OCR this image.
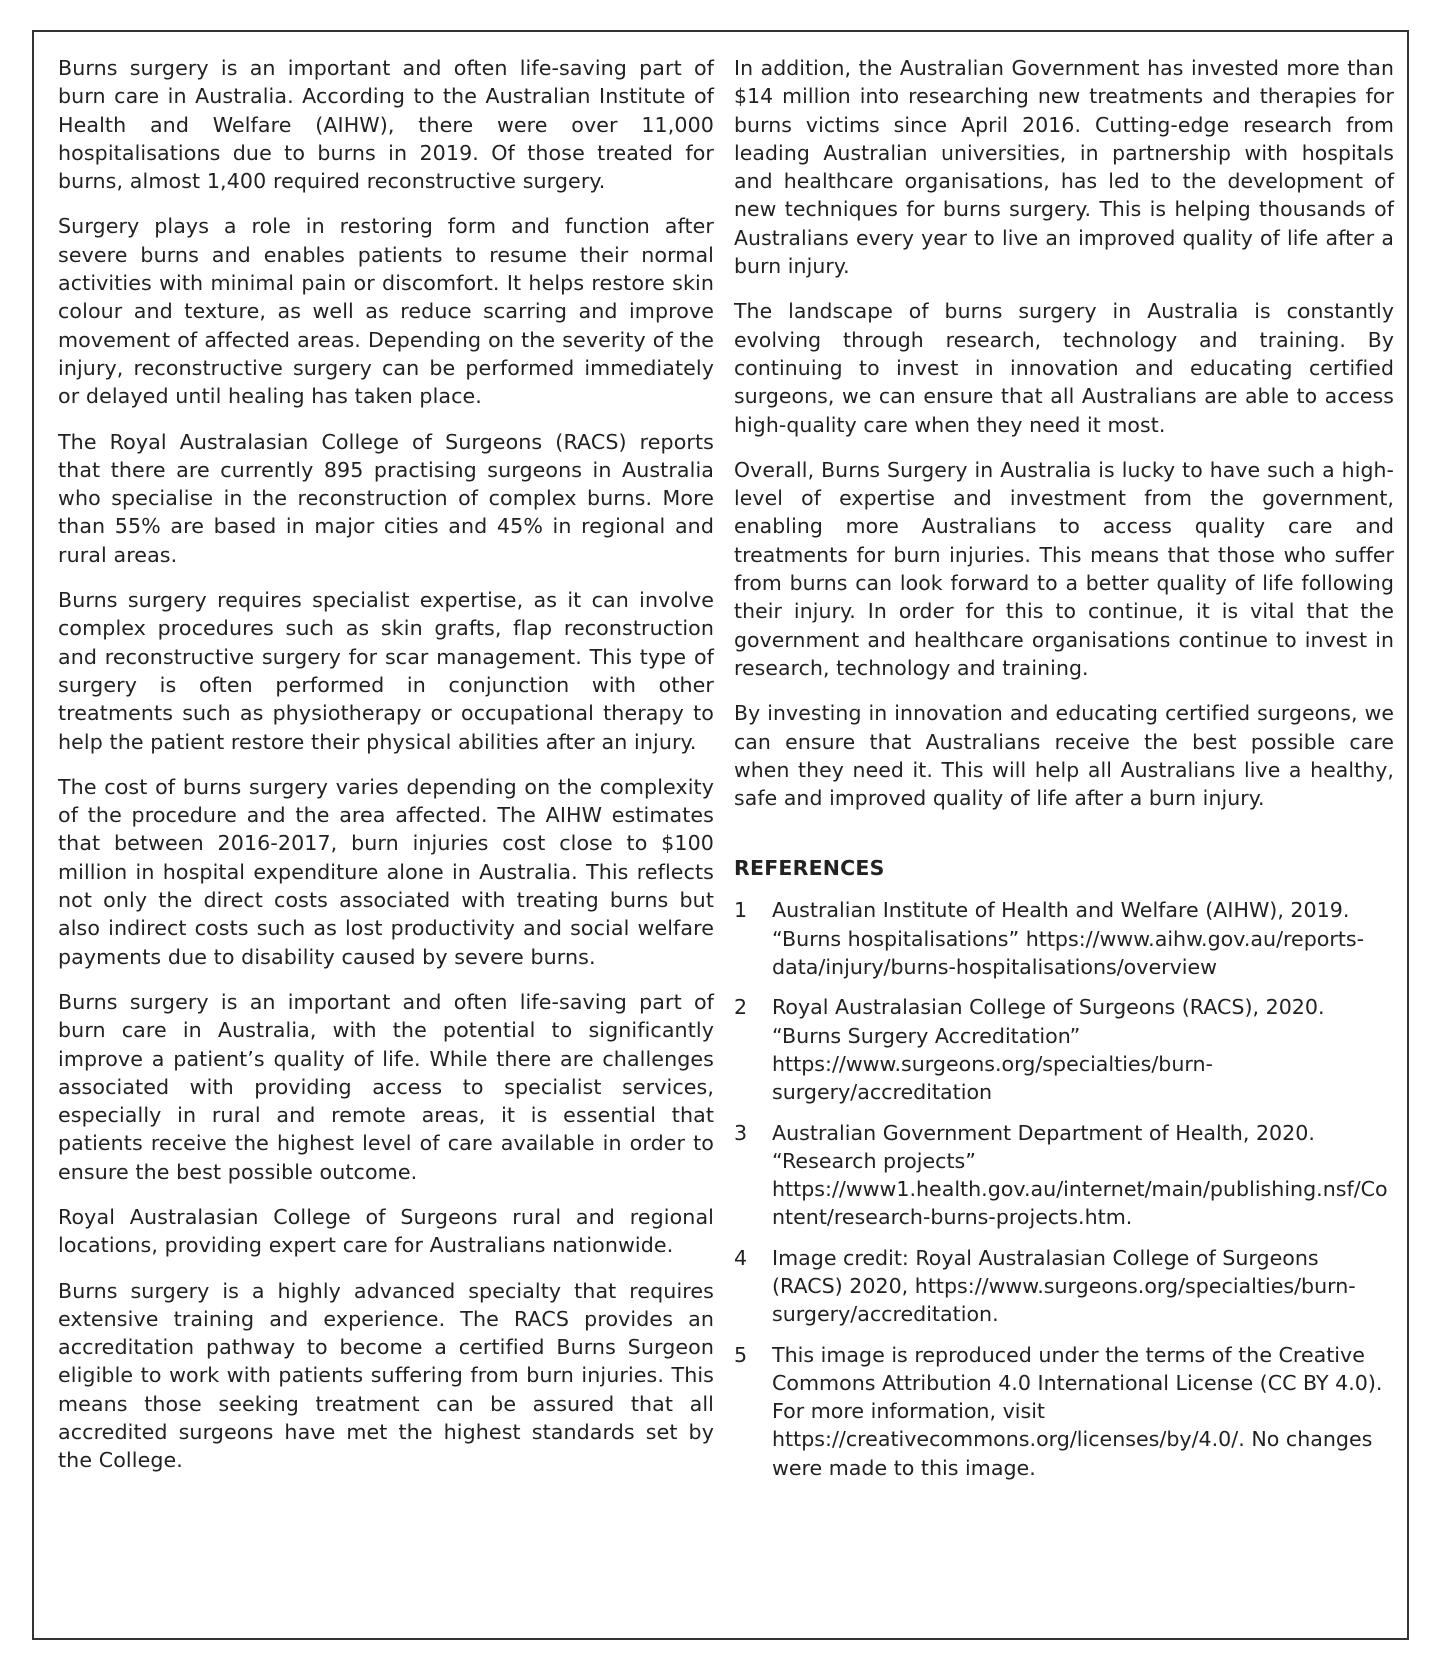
Burns surgery is an important and often life-saving part of burn care in Australia. According to the Australian Institute of Health and Welfare (AIHW), there were over 11,000 hospitalisations due to burns in 2019. Of those treated for burns, almost 1,400 required reconstructive surgery.

Surgery plays a role in restoring form and function after severe burns and enables patients to resume their normal activities with minimal pain or discomfort. It helps restore skin colour and texture, as well as reduce scarring and improve movement of affected areas. Depending on the severity of the injury, reconstructive surgery can be performed immediately or delayed until healing has taken place.

The Royal Australasian College of Surgeons (RACS) reports that there are currently 895 practising surgeons in Australia who specialise in the reconstruction of complex burns. More than 55% are based in major cities and 45% in regional and rural areas.

Burns surgery requires specialist expertise, as it can involve complex procedures such as skin grafts, flap reconstruction and reconstructive surgery for scar management. This type of surgery is often performed in conjunction with other treatments such as physiotherapy or occupational therapy to help the patient restore their physical abilities after an injury.

The cost of burns surgery varies depending on the complexity of the procedure and the area affected. The AIHW estimates that between 2016-2017, burn injuries cost close to $100 million in hospital expenditure alone in Australia. This reflects not only the direct costs associated with treating burns but also indirect costs such as lost productivity and social welfare payments due to disability caused by severe burns.

Burns surgery is an important and often life-saving part of burn care in Australia, with the potential to significantly improve a patient’s quality of life. While there are challenges associated with providing access to specialist services, especially in rural and remote areas, it is essential that patients receive the highest level of care available in order to ensure the best possible outcome.

Royal Australasian College of Surgeons rural and regional locations, providing expert care for Australians nationwide.

Burns surgery is a highly advanced specialty that requires extensive training and experience. The RACS provides an accreditation pathway to become a certified Burns Surgeon eligible to work with patients suffering from burn injuries. This means those seeking treatment can be assured that all accredited surgeons have met the highest standards set by the College.

In addition, the Australian Government has invested more than $14 million into researching new treatments and therapies for burns victims since April 2016. Cutting-edge research from leading Australian universities, in partnership with hospitals and healthcare organisations, has led to the development of new techniques for burns surgery. This is helping thousands of Australians every year to live an improved quality of life after a burn injury.

The landscape of burns surgery in Australia is constantly evolving through research, technology and training. By continuing to invest in innovation and educating certified surgeons, we can ensure that all Australians are able to access high-quality care when they need it most.

Overall, Burns Surgery in Australia is lucky to have such a high-level of expertise and investment from the government, enabling more Australians to access quality care and treatments for burn injuries. This means that those who suffer from burns can look forward to a better quality of life following their injury. In order for this to continue, it is vital that the government and healthcare organisations continue to invest in research, technology and training.

By investing in innovation and educating certified surgeons, we can ensure that Australians receive the best possible care when they need it. This will help all Australians live a healthy, safe and improved quality of life after a burn injury.

REFERENCES
1	Australian Institute of Health and Welfare (AIHW), 2019. “Burns hospitalisations” https://www.aihw.gov.au/reports-data/injury/burns-hospitalisations/overview
2	Royal Australasian College of Surgeons (RACS), 2020. “Burns Surgery Accreditation” https://www.surgeons.org/specialties/burn-surgery/accreditation
3	Australian Government Department of Health, 2020. “Research projects” https://www1.health.gov.au/internet/main/publishing.nsf/Content/research-burns-projects.htm.
4	Image credit: Royal Australasian College of Surgeons (RACS) 2020, https://www.surgeons.org/specialties/burn-surgery/accreditation.
5	This image is reproduced under the terms of the Creative Commons Attribution 4.0 International License (CC BY 4.0). For more information, visit https://creativecommons.org/licenses/by/4.0/. No changes were made to this image.
